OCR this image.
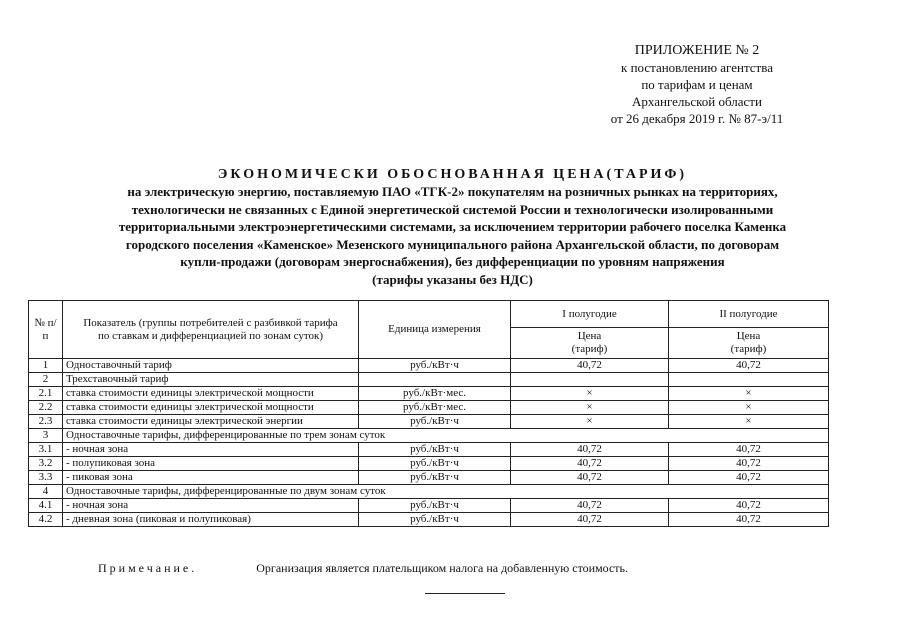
ПРИЛОЖЕНИЕ № 2
к постановлению агентства
по тарифам и ценам
Архангельской области
от 26 декабря 2019 г. № 87-э/11
ЭКОНОМИЧЕСКИ ОБОСНОВАННАЯ ЦЕНА(ТАРИФ)
на электрическую энергию, поставляемую ПАО «ТГК-2» покупателям на розничных рынках на территориях,
технологически не связанных с Единой энергетической системой России и технологически изолированными
территориальными электроэнергетическими системами, за исключением территории рабочего поселка Каменка
городского поселения «Каменское» Мезенского муниципального района Архангельской области, по договорам
купли-продажи (договорам энергоснабжения), без дифференциации по уровням напряжения
(тарифы указаны без НДС)
№ п/п	Показатель (группы потребителей с разбивкой тарифа по ставкам и дифференциацией по зонам суток)	Единица измерения	I полугодие	II полугодие
			Цена (тариф)	Цена (тариф)
1	Одноставочный тариф	руб./кВт·ч	40,72	40,72
2	Трехставочный тариф			
2.1	ставка стоимости единицы электрической мощности	руб./кВт·мес.	×	×
2.2	ставка стоимости единицы электрической мощности	руб./кВт·мес.	×	×
2.3	ставка стоимости единицы электрической энергии	руб./кВт·ч	×	×
3	Одноставочные тарифы, дифференцированные по трем зонам суток			
3.1	- ночная зона	руб./кВт·ч	40,72	40,72
3.2	- полупиковая зона	руб./кВт·ч	40,72	40,72
3.3	- пиковая зона	руб./кВт·ч	40,72	40,72
4	Одноставочные тарифы, дифференцированные по двум зонам суток			
4.1	- ночная зона	руб./кВт·ч	40,72	40,72
4.2	- дневная зона (пиковая и полупиковая)	руб./кВт·ч	40,72	40,72
Примечание.	Организация является плательщиком налога на добавленную стоимость.
